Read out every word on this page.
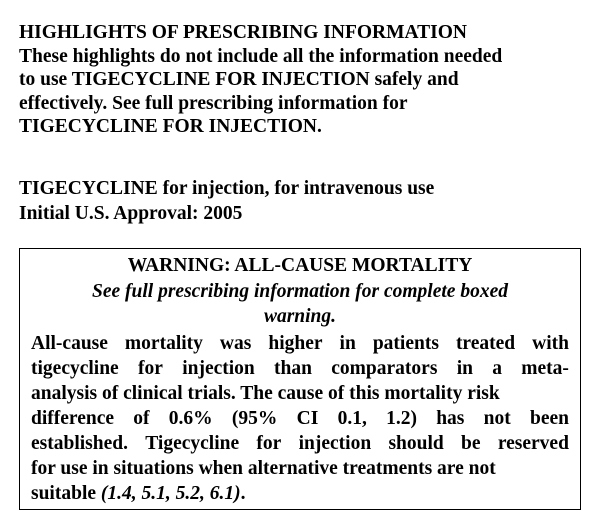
HIGHLIGHTS OF PRESCRIBING INFORMATION
These highlights do not include all the information needed
to use TIGECYCLINE FOR INJECTION safely and
effectively. See full prescribing information for
TIGECYCLINE FOR INJECTION.
TIGECYCLINE for injection, for intravenous use
Initial U.S. Approval: 2005
WARNING: ALL-CAUSE MORTALITY
See full prescribing information for complete boxed
warning.
All-cause mortality was higher in patients treated with
tigecycline for injection than comparators in a meta-
analysis of clinical trials. The cause of this mortality risk
difference of 0.6% (95% CI 0.1, 1.2) has not been
established. Tigecycline for injection should be reserved
for use in situations when alternative treatments are not
suitable
(1.4, 5.1, 5.2, 6.1) .
